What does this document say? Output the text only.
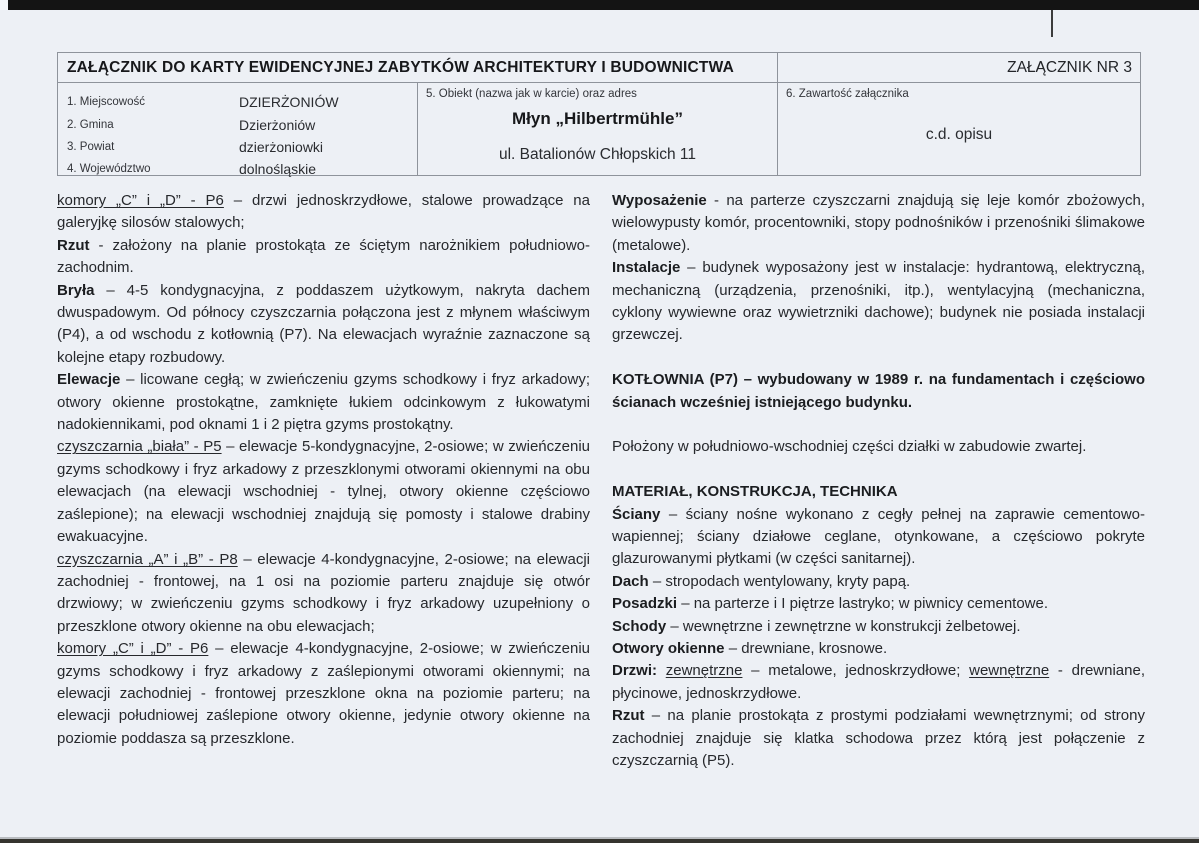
ZAŁĄCZNIK DO KARTY EWIDENCYJNEJ ZABYTKÓW ARCHITEKTURY I BUDOWNICTWA	ZAŁĄCZNIK NR 3
1. Miejscowość	DZIERŻONIÓW
2. Gmina	Dzierżoniów
3. Powiat	dzierżoniowki
4. Województwo	dolnośląskie
5. Obiekt (nazwa jak w karcie) oraz adres
Młyn „Hilbertrmühle”
ul. Batalionów Chłopskich 11
6. Zawartość załącznika
c.d. opisu

komory „C” i „D” - P6 – drzwi jednoskrzydłowe, stalowe prowadzące na galeryjkę silosów stalowych;

Rzut - założony na planie prostokąta ze ściętym narożnikiem południowo-zachodnim.

Bryła – 4-5 kondygnacyjna, z poddaszem użytkowym, nakryta dachem dwuspadowym. Od północy czyszczarnia połączona jest z młynem właściwym (P4), a od wschodu z kotłownią (P7). Na elewacjach wyraźnie zaznaczone są kolejne etapy rozbudowy.

Elewacje – licowane cegłą; w zwieńczeniu gzyms schodkowy i fryz arkadowy; otwory okienne prostokątne, zamknięte łukiem odcinkowym z łukowatymi nadokiennikami, pod oknami 1 i 2 piętra gzyms prostokątny.

czyszczarnia „biała” - P5 – elewacje 5-kondygnacyjne, 2-osiowe; w zwieńczeniu gzyms schodkowy i fryz arkadowy z przeszklonymi otworami okiennymi na obu elewacjach (na elewacji wschodniej - tylnej, otwory okienne częściowo zaślepione); na elewacji wschodniej znajdują się pomosty i stalowe drabiny ewakuacyjne.

czyszczarnia „A” i „B” - P8 – elewacje 4-kondygnacyjne, 2-osiowe; na elewacji zachodniej - frontowej, na 1 osi na poziomie parteru znajduje się otwór drzwiowy; w zwieńczeniu gzyms schodkowy i fryz arkadowy uzupełniony o przeszklone otwory okienne na obu elewacjach;

komory „C” i „D” - P6 – elewacje 4-kondygnacyjne, 2-osiowe; w zwieńczeniu gzyms schodkowy i fryz arkadowy z zaślepionymi otworami okiennymi; na elewacji zachodniej - frontowej przeszklone okna na poziomie parteru; na elewacji południowej zaślepione otwory okienne, jedynie otwory okienne na poziomie poddasza są przeszklone.

Wyposażenie - na parterze czyszczarni znajdują się leje komór zbożowych, wielowypusty komór, procentowniki, stopy podnośników i przenośniki ślimakowe (metalowe).

Instalacje – budynek wyposażony jest w instalacje: hydrantową, elektryczną, mechaniczną (urządzenia, przenośniki, itp.), wentylacyjną (mechaniczna, cyklony wywiewne oraz wywietrzniki dachowe); budynek nie posiada instalacji grzewczej.

KOTŁOWNIA (P7) – wybudowany w 1989 r. na fundamentach i częściowo ścianach wcześniej istniejącego budynku.

Położony w południowo-wschodniej części działki w zabudowie zwartej.

MATERIAŁ, KONSTRUKCJA, TECHNIKA

Ściany – ściany nośne wykonano z cegły pełnej na zaprawie cementowo-wapiennej; ściany działowe ceglane, otynkowane, a częściowo pokryte glazurowanymi płytkami (w części sanitarnej).

Dach – stropodach wentylowany, kryty papą.

Posadzki – na parterze i I piętrze lastryko; w piwnicy cementowe.

Schody – wewnętrzne i zewnętrzne w konstrukcji żelbetowej.

Otwory okienne – drewniane, krosnowe.

Drzwi: zewnętrzne – metalowe, jednoskrzydłowe; wewnętrzne - drewniane, płycinowe, jednoskrzydłowe.

Rzut – na planie prostokąta z prostymi podziałami wewnętrznymi; od strony zachodniej znajduje się klatka schodowa przez którą jest połączenie z czyszczarnią (P5).
